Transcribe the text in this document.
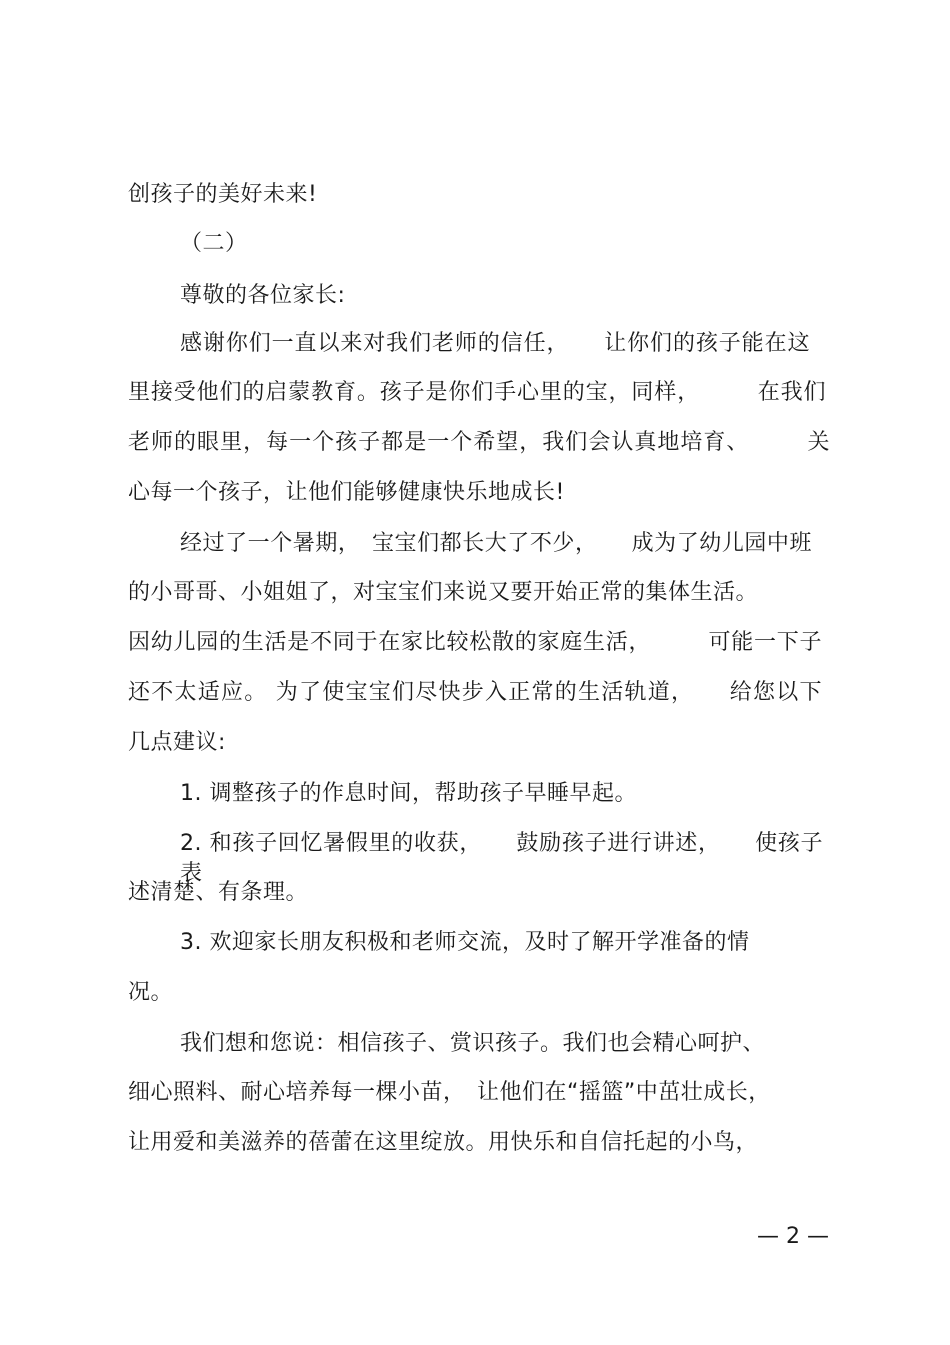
创孩子的美好未来!
（二）
尊敬的各位家长:
感谢你们一直以来对我们老师的信任，　　让你们的孩子能在这
里接受他们的启蒙教育。孩子是你们手心里的宝，同样，　　　在我们
老师的眼里，每一个孩子都是一个希望，我们会认真地培育、　　　关
心每一个孩子，让他们能够健康快乐地成长!
经过了一个暑期，　宝宝们都长大了不少，　　成为了幼儿园中班
的小哥哥、小姐姐了，对宝宝们来说又要开始正常的集体生活。
因幼儿园的生活是不同于在家比较松散的家庭生活，　　　可能一下子
还不太适应。 为了使宝宝们尽快步入正常的生活轨道，　　给您以下
几点建议:
1. 调整孩子的作息时间，帮助孩子早睡早起。
2. 和孩子回忆暑假里的收获，　　鼓励孩子进行讲述，　　使孩子表
述清楚、有条理。
3. 欢迎家长朋友积极和老师交流，及时了解开学准备的情
况。
我们想和您说：相信孩子、赏识孩子。我们也会精心呵护、
细心照料、耐心培养每一棵小苗，　让他们在“摇篮”中茁壮成长，
让用爱和美滋养的蓓蕾在这里绽放。用快乐和自信托起的小鸟，
— 2 —
